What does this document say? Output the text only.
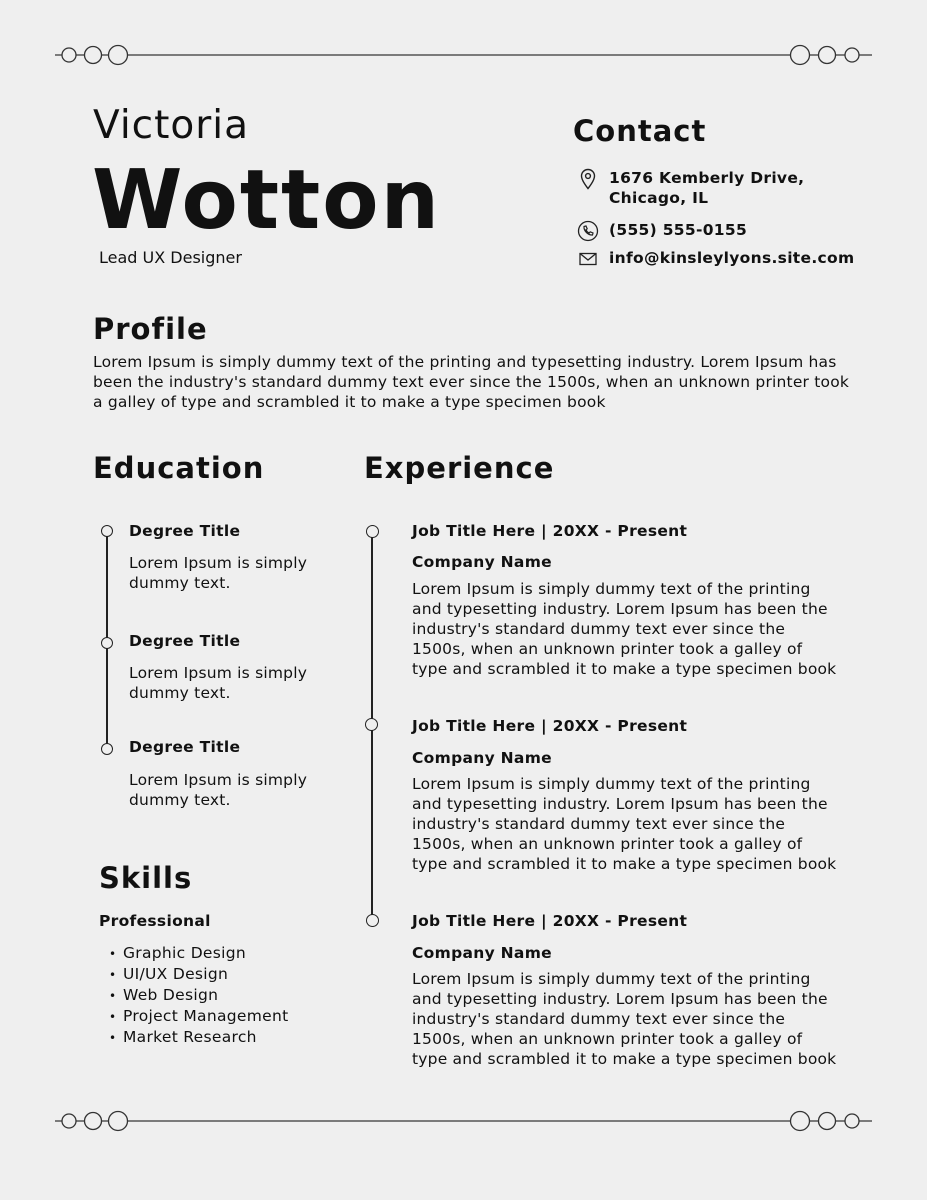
Victoria
Wotton
Lead UX Designer
Contact
1676 Kemberly Drive,
Chicago, IL
(555) 555-0155
info@kinsleylyons.site.com
Profile
Lorem Ipsum is simply dummy text of the printing and typesetting industry. Lorem Ipsum has been the industry's standard dummy text ever since the 1500s, when an unknown printer took a galley of type and scrambled it to make a type specimen book
Education
Degree Title
Lorem Ipsum is simply dummy text.
Degree Title
Lorem Ipsum is simply dummy text.
Degree Title
Lorem Ipsum is simply dummy text.
Skills
Professional
• Graphic Design
• UI/UX Design
• Web Design
• Project Management
• Market Research
Experience
Job Title Here | 20XX - Present
Company Name
Lorem Ipsum is simply dummy text of the printing and typesetting industry. Lorem Ipsum has been the industry's standard dummy text ever since the 1500s, when an unknown printer took a galley of type and scrambled it to make a type specimen book
Job Title Here | 20XX - Present
Company Name
Lorem Ipsum is simply dummy text of the printing and typesetting industry. Lorem Ipsum has been the industry's standard dummy text ever since the 1500s, when an unknown printer took a galley of type and scrambled it to make a type specimen book
Job Title Here | 20XX - Present
Company Name
Lorem Ipsum is simply dummy text of the printing and typesetting industry. Lorem Ipsum has been the industry's standard dummy text ever since the 1500s, when an unknown printer took a galley of type and scrambled it to make a type specimen book
